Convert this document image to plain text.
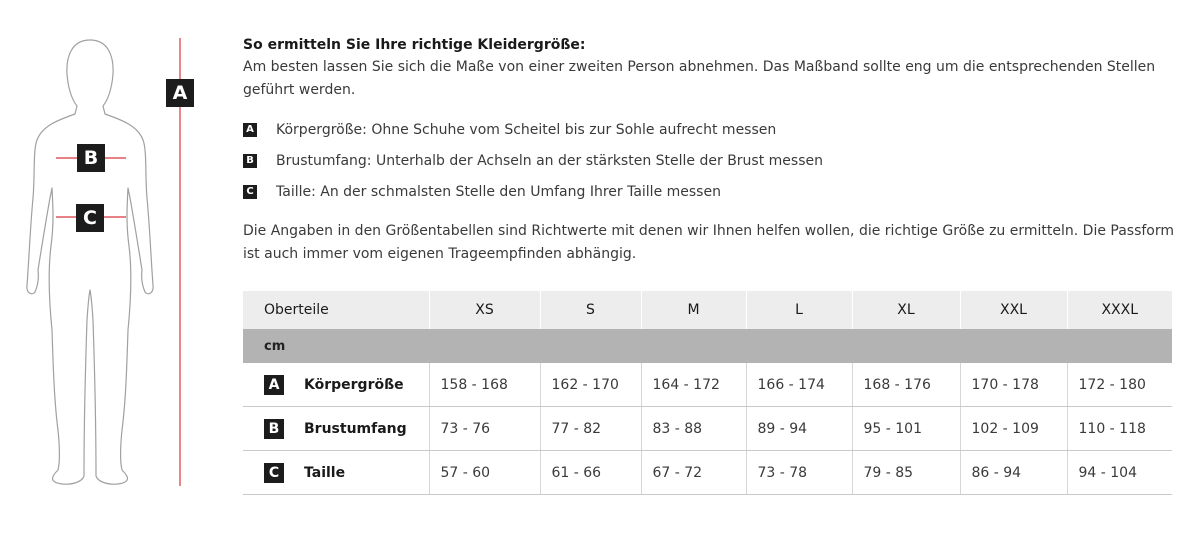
A
B
C

So ermitteln Sie Ihre richtige Kleidergröße:

Am besten lassen Sie sich die Maße von einer zweiten Person abnehmen. Das Maßband sollte eng um die entsprechenden Stellen geführt werden.

A Körpergröße: Ohne Schuhe vom Scheitel bis zur Sohle aufrecht messen
B Brustumfang: Unterhalb der Achseln an der stärksten Stelle der Brust messen
C Taille: An der schmalsten Stelle den Umfang Ihrer Taille messen

Die Angaben in den Größentabellen sind Richtwerte mit denen wir Ihnen helfen wollen, die richtige Größe zu ermitteln. Die Passform ist auch immer vom eigenen Trageempfinden abhängig.

Oberteile	XS	S	M	L	XL	XXL	XXXL
cm							
A Körpergröße	158 - 168	162 - 170	164 - 172	166 - 174	168 - 176	170 - 178	172 - 180
B Brustumfang	73 - 76	77 - 82	83 - 88	89 - 94	95 - 101	102 - 109	110 - 118
C Taille	57 - 60	61 - 66	67 - 72	73 - 78	79 - 85	86 - 94	94 - 104
